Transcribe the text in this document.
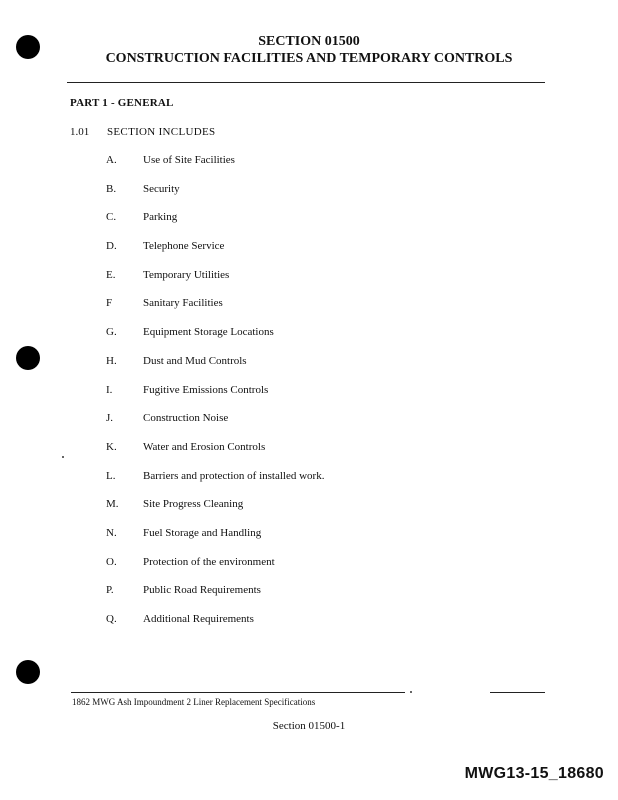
SECTION 01500
CONSTRUCTION FACILITIES AND TEMPORARY CONTROLS
PART 1 - GENERAL
1.01 SECTION INCLUDES
A. Use of Site Facilities
B. Security
C. Parking
D. Telephone Service
E.	Temporary Utilities
F	Sanitary Facilities
G. Equipment Storage Locations
H. Dust and Mud Controls
I.	Fugitive Emissions Controls
J.	Construction Noise
K. Water and Erosion Controls
L.	Barriers and protection of installed work.
M. Site Progress Cleaning
N. Fuel Storage and Handling
O. Protection of the environment
P.	Public Road Requirements
Q. Additional Requirements
1862 MWG Ash Impoundment 2 Liner Replacement Specifications
Section 01500-1
MWG13-15_18680
